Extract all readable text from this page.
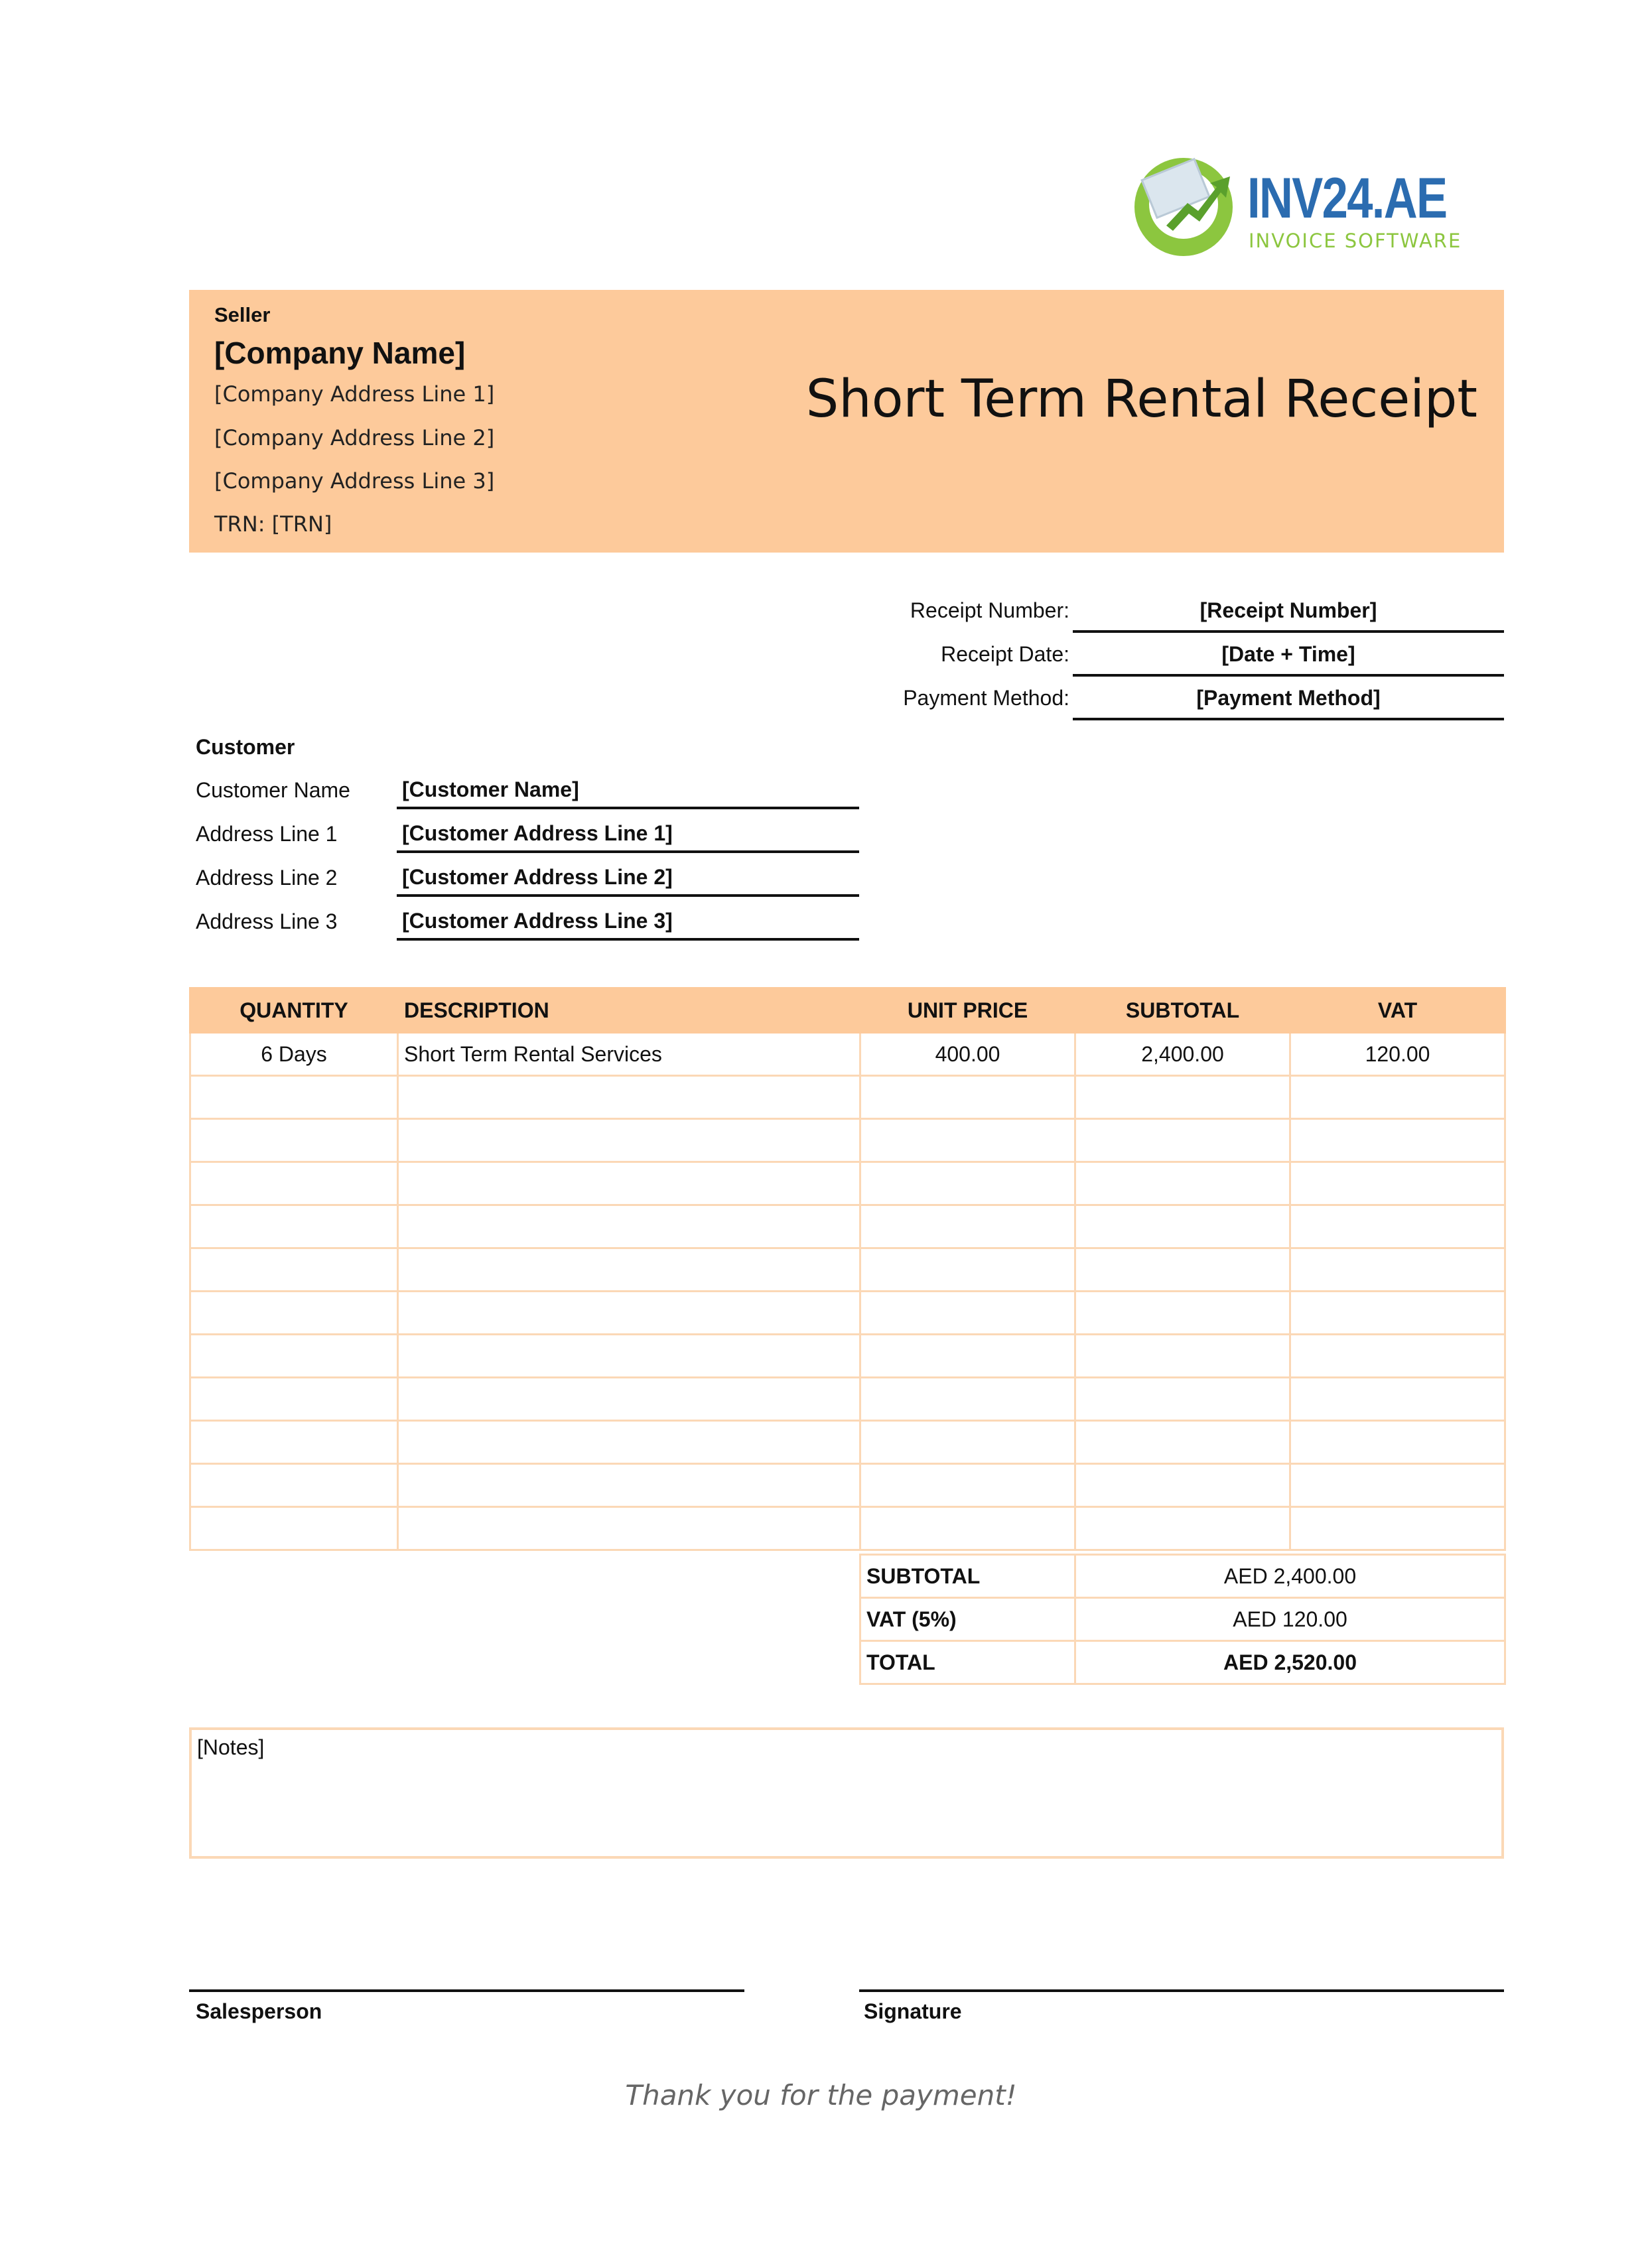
INV24.AE
INVOICE SOFTWARE
Seller
[Company Name]
[Company Address Line 1]
[Company Address Line 2]
[Company Address Line 3]
TRN: [TRN]
Short Term Rental Receipt
Receipt Number:	[Receipt Number]
Receipt Date:	[Date + Time]
Payment Method:	[Payment Method]
Customer
Customer Name [Customer Name]
Address Line 1	[Customer Address Line 1]
Address Line 2	[Customer Address Line 2]
Address Line 3	[Customer Address Line 3]
QUANTITY	DESCRIPTION	UNIT PRICE	SUBTOTAL	VAT
6 Days	Short Term Rental Services	400.00	2,400.00	120.00

SUBTOTAL	AED 2,400.00
VAT (5%)	AED 120.00
TOTAL	AED 2,520.00
[Notes]
Salesperson	Signature
Thank you for the payment!
